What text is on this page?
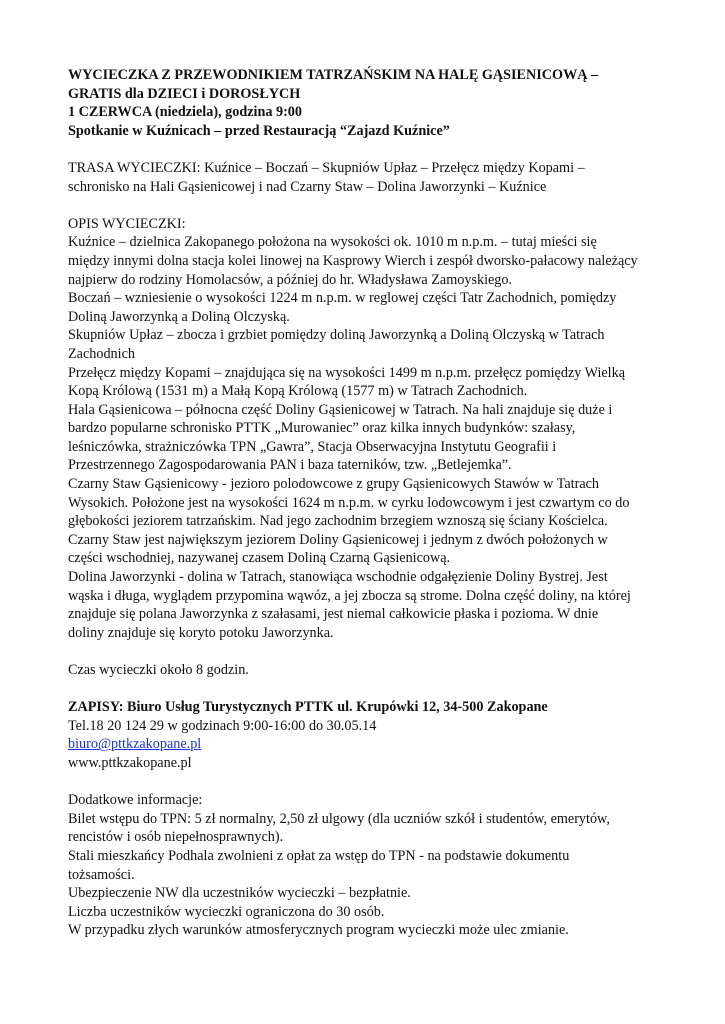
WYCIECZKA Z PRZEWODNIKIEM TATRZAŃSKIM NA HALĘ GĄSIENICOWĄ –
GRATIS dla DZIECI i DOROSŁYCH
1 CZERWCA (niedziela), godzina 9:00
Spotkanie w Kuźnicach – przed Restauracją “Zajazd Kuźnice”
TRASA WYCIECZKI: Kuźnice – Boczań – Skupniów Upłaz – Przełęcz między Kopami –
schronisko na Hali Gąsienicowej i nad Czarny Staw – Dolina Jaworzynki – Kuźnice
OPIS WYCIECZKI:
Kuźnice – dzielnica Zakopanego położona na wysokości ok. 1010 m n.p.m. – tutaj mieści się
między innymi dolna stacja kolei linowej na Kasprowy Wierch i zespół dworsko-pałacowy należący
najpierw do rodziny Homolacsów, a później do hr. Władysława Zamoyskiego.
Boczań – wzniesienie o wysokości 1224 m n.p.m. w reglowej części Tatr Zachodnich, pomiędzy
Doliną Jaworzynką a Doliną Olczyską.
Skupniów Upłaz – zbocza i grzbiet pomiędzy doliną Jaworzynką a Doliną Olczyską w Tatrach
Zachodnich
Przełęcz między Kopami – znajdująca się na wysokości 1499 m n.p.m. przełęcz pomiędzy Wielką
Kopą Królową (1531 m) a Małą Kopą Królową (1577 m) w Tatrach Zachodnich.
Hala Gąsienicowa – północna część Doliny Gąsienicowej w Tatrach. Na hali znajduje się duże i
bardzo popularne schronisko PTTK „Murowaniec” oraz kilka innych budynków: szałasy,
leśniczówka, strażniczówka TPN „Gawra”, Stacja Obserwacyjna Instytutu Geografii i
Przestrzennego Zagospodarowania PAN i baza taterników, tzw. „Betlejemka”.
Czarny Staw Gąsienicowy - jezioro polodowcowe z grupy Gąsienicowych Stawów w Tatrach
Wysokich. Położone jest na wysokości 1624 m n.p.m. w cyrku lodowcowym i jest czwartym co do
głębokości jeziorem tatrzańskim. Nad jego zachodnim brzegiem wznoszą się ściany Kościelca.
Czarny Staw jest największym jeziorem Doliny Gąsienicowej i jednym z dwóch położonych w
części wschodniej, nazywanej czasem Doliną Czarną Gąsienicową.
Dolina Jaworzynki - dolina w Tatrach, stanowiąca wschodnie odgałęzienie Doliny Bystrej. Jest
wąska i długa, wyglądem przypomina wąwóz, a jej zbocza są strome. Dolna część doliny, na której
znajduje się polana Jaworzynka z szałasami, jest niemal całkowicie płaska i pozioma. W dnie
doliny znajduje się koryto potoku Jaworzynka.
Czas wycieczki około 8 godzin.
ZAPISY: Biuro Usług Turystycznych PTTK ul. Krupówki 12, 34-500 Zakopane
Tel.18 20 124 29 w godzinach 9:00-16:00 do 30.05.14
biuro@pttkzakopane.pl
www.pttkzakopane.pl
Dodatkowe informacje:
Bilet wstępu do TPN: 5 zł normalny, 2,50 zł ulgowy (dla uczniów szkół i studentów, emerytów,
rencistów i osób niepełnosprawnych).
Stali mieszkańcy Podhala zwolnieni z opłat za wstęp do TPN - na podstawie dokumentu
tożsamości.
Ubezpieczenie NW dla uczestników wycieczki – bezpłatnie.
Liczba uczestników wycieczki ograniczona do 30 osób.
W przypadku złych warunków atmosferycznych program wycieczki może ulec zmianie.
